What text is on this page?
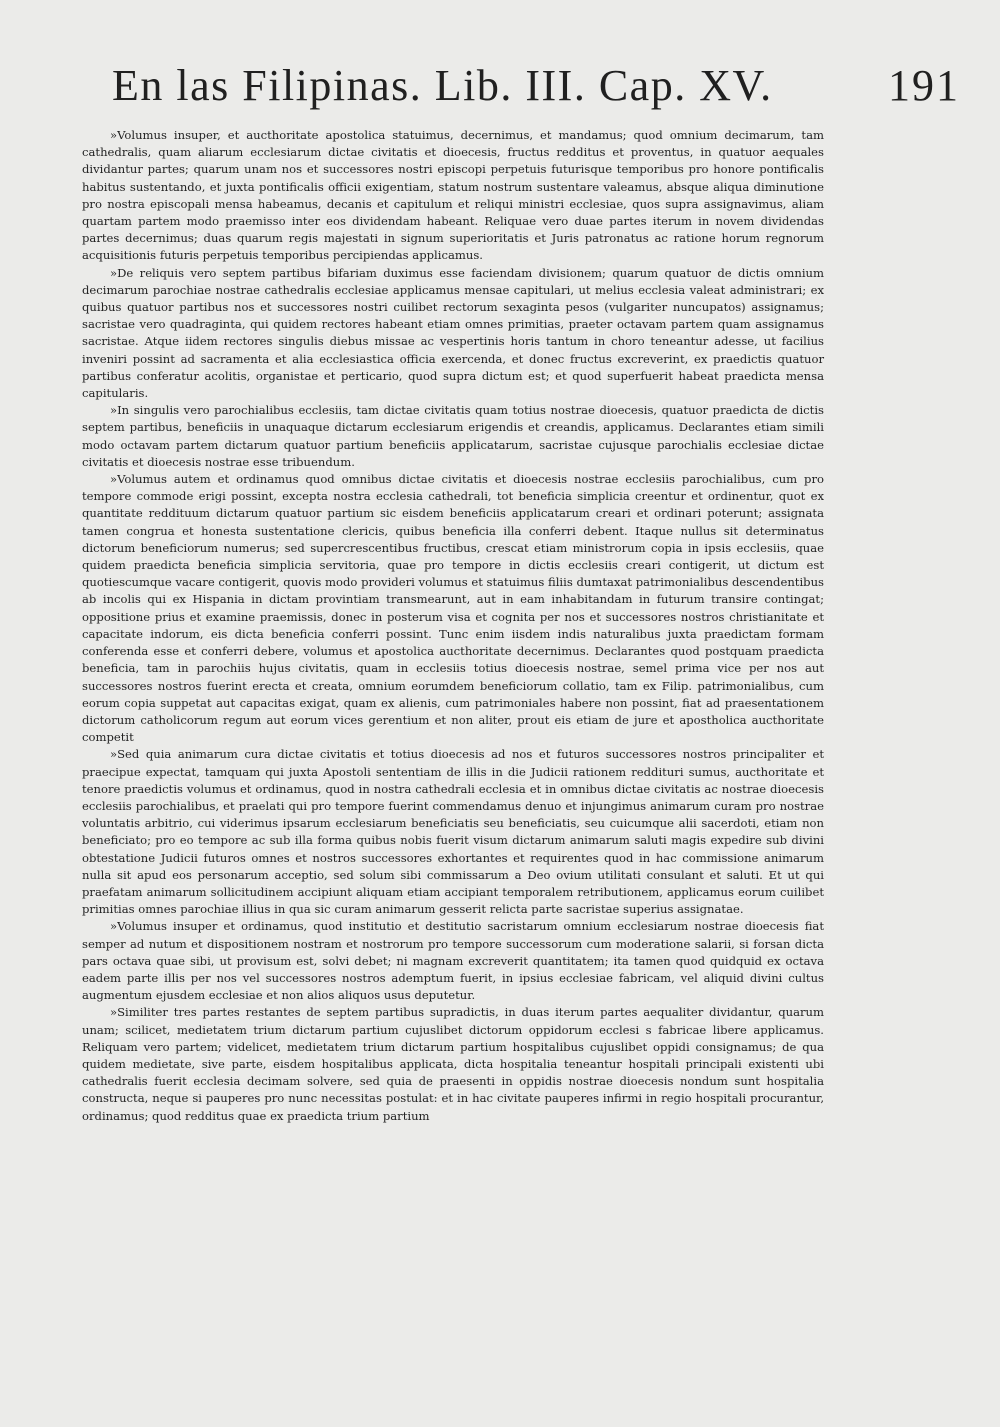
En las Filipinas. Lib. III. Cap. XV.	191

»Volumus insuper, et aucthoritate apostolica statuimus, decernimus, et mandamus; quod omnium decimarum, tam cathedralis, quam aliarum ecclesiarum dictae civitatis et dioecesis, fructus redditus et proventus, in quatuor aequales dividantur partes; quarum unam nos et successores nostri episcopi perpetuis futurisque temporibus pro honore pontificalis habitus sustentando, et juxta pontificalis officii exigentiam, statum nostrum sustentare valeamus, absque aliqua diminutione pro nostra episcopali mensa habeamus, decanis et capitulum et reliqui ministri ecclesiae, quos supra assignavimus, aliam quartam partem modo praemisso inter eos dividendam habeant. Reliquae vero duae partes iterum in novem dividendas partes decernimus; duas quarum regis majestati in signum superioritatis et Juris patronatus ac ratione horum regnorum acquisitionis futuris perpetuis temporibus percipiendas applicamus.

»De reliquis vero septem partibus bifariam duximus esse faciendam divisionem; quarum quatuor de dictis omnium decimarum parochiae nostrae cathedralis ecclesiae applicamus mensae capitulari, ut melius ecclesia valeat administrari; ex quibus quatuor partibus nos et successores nostri cuilibet rectorum sexaginta pesos (vulgariter nuncupatos) assignamus; sacristae vero quadraginta, qui quidem rectores habeant etiam omnes primitias, praeter octavam partem quam assignamus sacristae. Atque iidem rectores singulis diebus missae ac vespertinis horis tantum in choro teneantur adesse, ut facilius inveniri possint ad sacramenta et alia ecclesiastica officia exercenda, et donec fructus excreverint, ex praedictis quatuor partibus conferatur acolitis, organistae et perticario, quod supra dictum est; et quod superfuerit habeat praedicta mensa capitularis.

»In singulis vero parochialibus ecclesiis, tam dictae civitatis quam totius nostrae dioecesis, quatuor praedicta de dictis septem partibus, beneficiis in unaquaque dictarum ecclesiarum erigendis et creandis, applicamus. Declarantes etiam simili modo octavam partem dictarum quatuor partium beneficiis applicatarum, sacristae cujusque parochialis ecclesiae dictae civitatis et dioecesis nostrae esse tribuendum.

»Volumus autem et ordinamus quod omnibus dictae civitatis et dioecesis nostrae ecclesiis parochialibus, cum pro tempore commode erigi possint, excepta nostra ecclesia cathedrali, tot beneficia simplicia creentur et ordinentur, quot ex quantitate reddituum dictarum quatuor partium sic eisdem beneficiis applicatarum creari et ordinari poterunt; assignata tamen congrua et honesta sustentatione clericis, quibus beneficia illa conferri debent. Itaque nullus sit determinatus dictorum beneficiorum numerus; sed supercrescentibus fructibus, crescat etiam ministrorum copia in ipsis ecclesiis, quae quidem praedicta beneficia simplicia servitoria, quae pro tempore in dictis ecclesiis creari contigerit, ut dictum est quotiescumque vacare contigerit, quovis modo provideri volumus et statuimus filiis dumtaxat patrimonialibus descendentibus ab incolis qui ex Hispania in dictam provintiam transmearunt, aut in eam inhabitandam in futurum transire contingat; oppositione prius et examine praemissis, donec in posterum visa et cognita per nos et successores nostros christianitate et capacitate indorum, eis dicta beneficia conferri possint. Tunc enim iisdem indis naturalibus juxta praedictam formam conferenda esse et conferri debere, volumus et apostolica aucthoritate decernimus. Declarantes quod postquam praedicta beneficia, tam in parochiis hujus civitatis, quam in ecclesiis totius dioecesis nostrae, semel prima vice per nos aut successores nostros fuerint erecta et creata, omnium eorumdem beneficiorum collatio, tam ex Filip. patrimonialibus, cum eorum copia suppetat aut capacitas exigat, quam ex alienis, cum patrimoniales habere non possint, fiat ad praesentationem dictorum catholicorum regum aut eorum vices gerentium et non aliter, prout eis etiam de jure et apostholica aucthoritate competit

»Sed quia animarum cura dictae civitatis et totius dioecesis ad nos et futuros successores nostros principaliter et praecipue expectat, tamquam qui juxta Apostoli sententiam de illis in die Judicii rationem reddituri sumus, aucthoritate et tenore praedictis volumus et ordinamus, quod in nostra cathedrali ecclesia et in omnibus dictae civitatis ac nostrae dioecesis ecclesiis parochialibus, et praelati qui pro tempore fuerint commendamus denuo et injungimus animarum curam pro nostrae voluntatis arbitrio, cui viderimus ipsarum ecclesiarum beneficiatis seu beneficiatis, seu cuicumque alii sacerdoti, etiam non beneficiato; pro eo tempore ac sub illa forma quibus nobis fuerit visum dictarum animarum saluti magis expedire sub divini obtestatione Judicii futuros omnes et nostros successores exhortantes et requirentes quod in hac commissione animarum nulla sit apud eos personarum acceptio, sed solum sibi commissarum a Deo ovium utilitati consulant et saluti. Et ut qui praefatam animarum sollicitudinem accipiunt aliquam etiam accipiant temporalem retributionem, applicamus eorum cuilibet primitias omnes parochiae illius in qua sic curam animarum gesserit relicta parte sacristae superius assignatae.

»Volumus insuper et ordinamus, quod institutio et destitutio sacristarum omnium ecclesiarum nostrae dioecesis fiat semper ad nutum et dispositionem nostram et nostrorum pro tempore successorum cum moderatione salarii, si forsan dicta pars octava quae sibi, ut provisum est, solvi debet; ni magnam excreverit quantitatem; ita tamen quod quidquid ex octava eadem parte illis per nos vel successores nostros ademptum fuerit, in ipsius ecclesiae fabricam, vel aliquid divini cultus augmentum ejusdem ecclesiae et non alios aliquos usus deputetur.

»Similiter tres partes restantes de septem partibus supradictis, in duas iterum partes aequaliter dividantur, quarum unam; scilicet, medietatem trium dictarum partium cujuslibet dictorum oppidorum ecclesi s fabricae libere applicamus. Reliquam vero partem; videlicet, medietatem trium dictarum partium hospitalibus cujuslibet oppidi consignamus; de qua quidem medietate, sive parte, eisdem hospitalibus applicata, dicta hospitalia teneantur hospitali principali existenti ubi cathedralis fuerit ecclesia decimam solvere, sed quia de praesenti in oppidis nostrae dioecesis nondum sunt hospitalia constructa, neque si pauperes pro nunc necessitas postulat: et in hac civitate pauperes infirmi in regio hospitali procurantur, ordinamus; quod redditus quae ex praedicta trium partium
